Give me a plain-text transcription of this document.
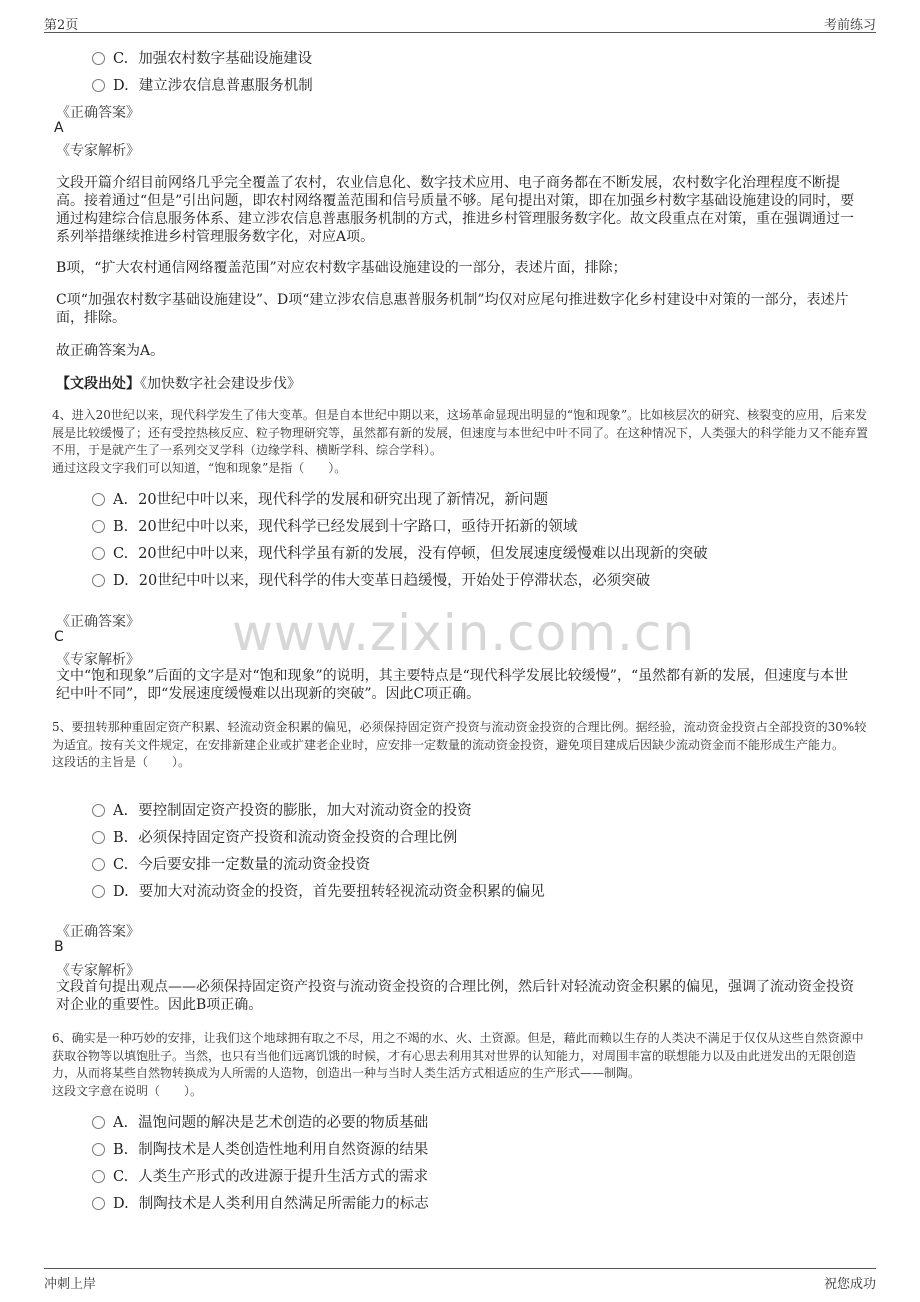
第2页	考前练习
www.zixin.com.cn
C. 加强农村数字基础设施建设
D. 建立涉农信息普惠服务机制
《正确答案》
A
《专家解析》

文段开篇介绍目前网络几乎完全覆盖了农村，农业信息化、数字技术应用、电子商务都在不断发展，农村数字化治理程度不断提高。接着通过“但是”引出问题，即农村网络覆盖范围和信号质量不够。尾句提出对策，即在加强乡村数字基础设施建设的同时，要通过构建综合信息服务体系、建立涉农信息普惠服务机制的方式，推进乡村管理服务数字化。故文段重点在对策，重在强调通过一系列举措继续推进乡村管理服务数字化，对应A项。

B项，“扩大农村通信网络覆盖范围”对应农村数字基础设施建设的一部分，表述片面，排除；

C项“加强农村数字基础设施建设”、D项“建立涉农信息惠普服务机制”均仅对应尾句推进数字化乡村建设中对策的一部分，表述片面，排除。

故正确答案为A。

【文段出处】《加快数字社会建设步伐》

4、进入20世纪以来，现代科学发生了伟大变革。但是自本世纪中期以来，这场革命显现出明显的“饱和现象”。比如核层次的研究、核裂变的应用，后来发展是比较缓慢了；还有受控热核反应、粒子物理研究等，虽然都有新的发展，但速度与本世纪中叶不同了。在这种情况下，人类强大的科学能力又不能弃置不用，于是就产生了一系列交叉学科（边缘学科、横断学科、综合学科）。
通过这段文字我们可以知道，“饱和现象”是指（　　）。

A. 20世纪中叶以来，现代科学的发展和研究出现了新情况，新问题
B. 20世纪中叶以来，现代科学已经发展到十字路口，亟待开拓新的领域
C. 20世纪中叶以来，现代科学虽有新的发展，没有停顿，但发展速度缓慢难以出现新的突破
D. 20世纪中叶以来，现代科学的伟大变革日趋缓慢，开始处于停滞状态，必须突破
《正确答案》
C
《专家解析》

文中“饱和现象”后面的文字是对“饱和现象”的说明，其主要特点是“现代科学发展比较缓慢”，“虽然都有新的发展，但速度与本世纪中叶不同”，即“发展速度缓慢难以出现新的突破”。因此C项正确。

5、要扭转那种重固定资产积累、轻流动资金积累的偏见，必须保持固定资产投资与流动资金投资的合理比例。据经验，流动资金投资占全部投资的30%较为适宜。按有关文件规定，在安排新建企业或扩建老企业时，应安排一定数量的流动资金投资，避免项目建成后因缺少流动资金而不能形成生产能力。
这段话的主旨是（　　）。

A. 要控制固定资产投资的膨胀，加大对流动资金的投资
B. 必须保持固定资产投资和流动资金投资的合理比例
C. 今后要安排一定数量的流动资金投资
D. 要加大对流动资金的投资，首先要扭转轻视流动资金积累的偏见
《正确答案》
B
《专家解析》

文段首句提出观点——必须保持固定资产投资与流动资金投资的合理比例，然后针对轻流动资金积累的偏见，强调了流动资金投资对企业的重要性。因此B项正确。

6、确实是一种巧妙的安排，让我们这个地球拥有取之不尽，用之不竭的水、火、土资源。但是，藉此而赖以生存的人类决不满足于仅仅从这些自然资源中获取谷物等以填饱肚子。当然，也只有当他们远离饥饿的时候，才有心思去利用其对世界的认知能力，对周围丰富的联想能力以及由此迸发出的无限创造力，从而将某些自然物转换成为人所需的人造物，创造出一种与当时人类生活方式相适应的生产形式——制陶。
这段文字意在说明（　　）。

A. 温饱问题的解决是艺术创造的必要的物质基础
B. 制陶技术是人类创造性地利用自然资源的结果
C. 人类生产形式的改进源于提升生活方式的需求
D. 制陶技术是人类利用自然满足所需能力的标志
冲刺上岸	祝您成功
